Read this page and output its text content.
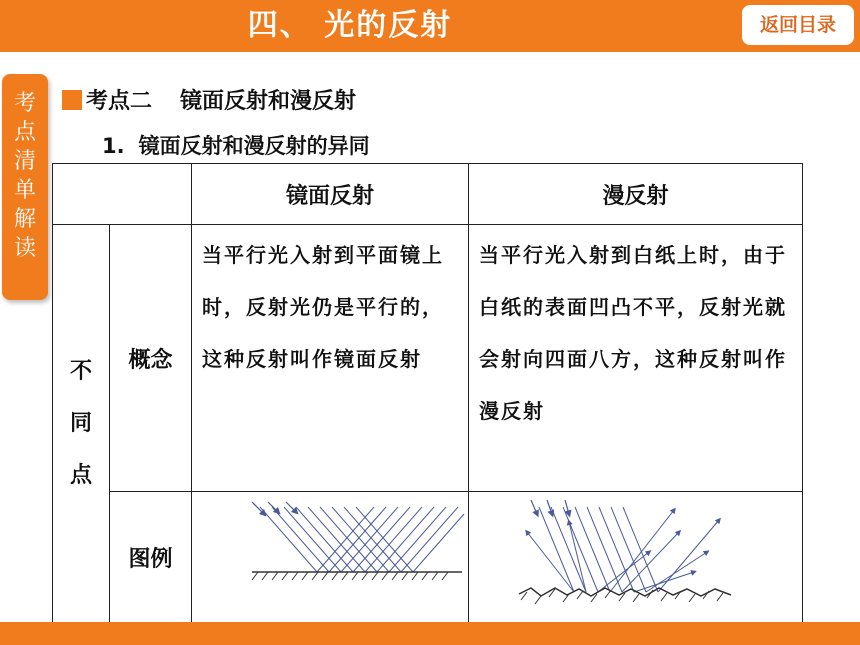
四、 光的反射	返回目录
考点清单解读
考点二 镜面反射和漫反射
1. 镜面反射和漫反射的异同
		镜面反射	漫反射

不同点	概念	当平行光入射到平面镜上时，反射光仍是平行的，这种反射叫作镜面反射	当平行光入射到白纸上时，由于白纸的表面凹凸不平，反射光就会射向四面八方，这种反射叫作漫反射
	图例		
